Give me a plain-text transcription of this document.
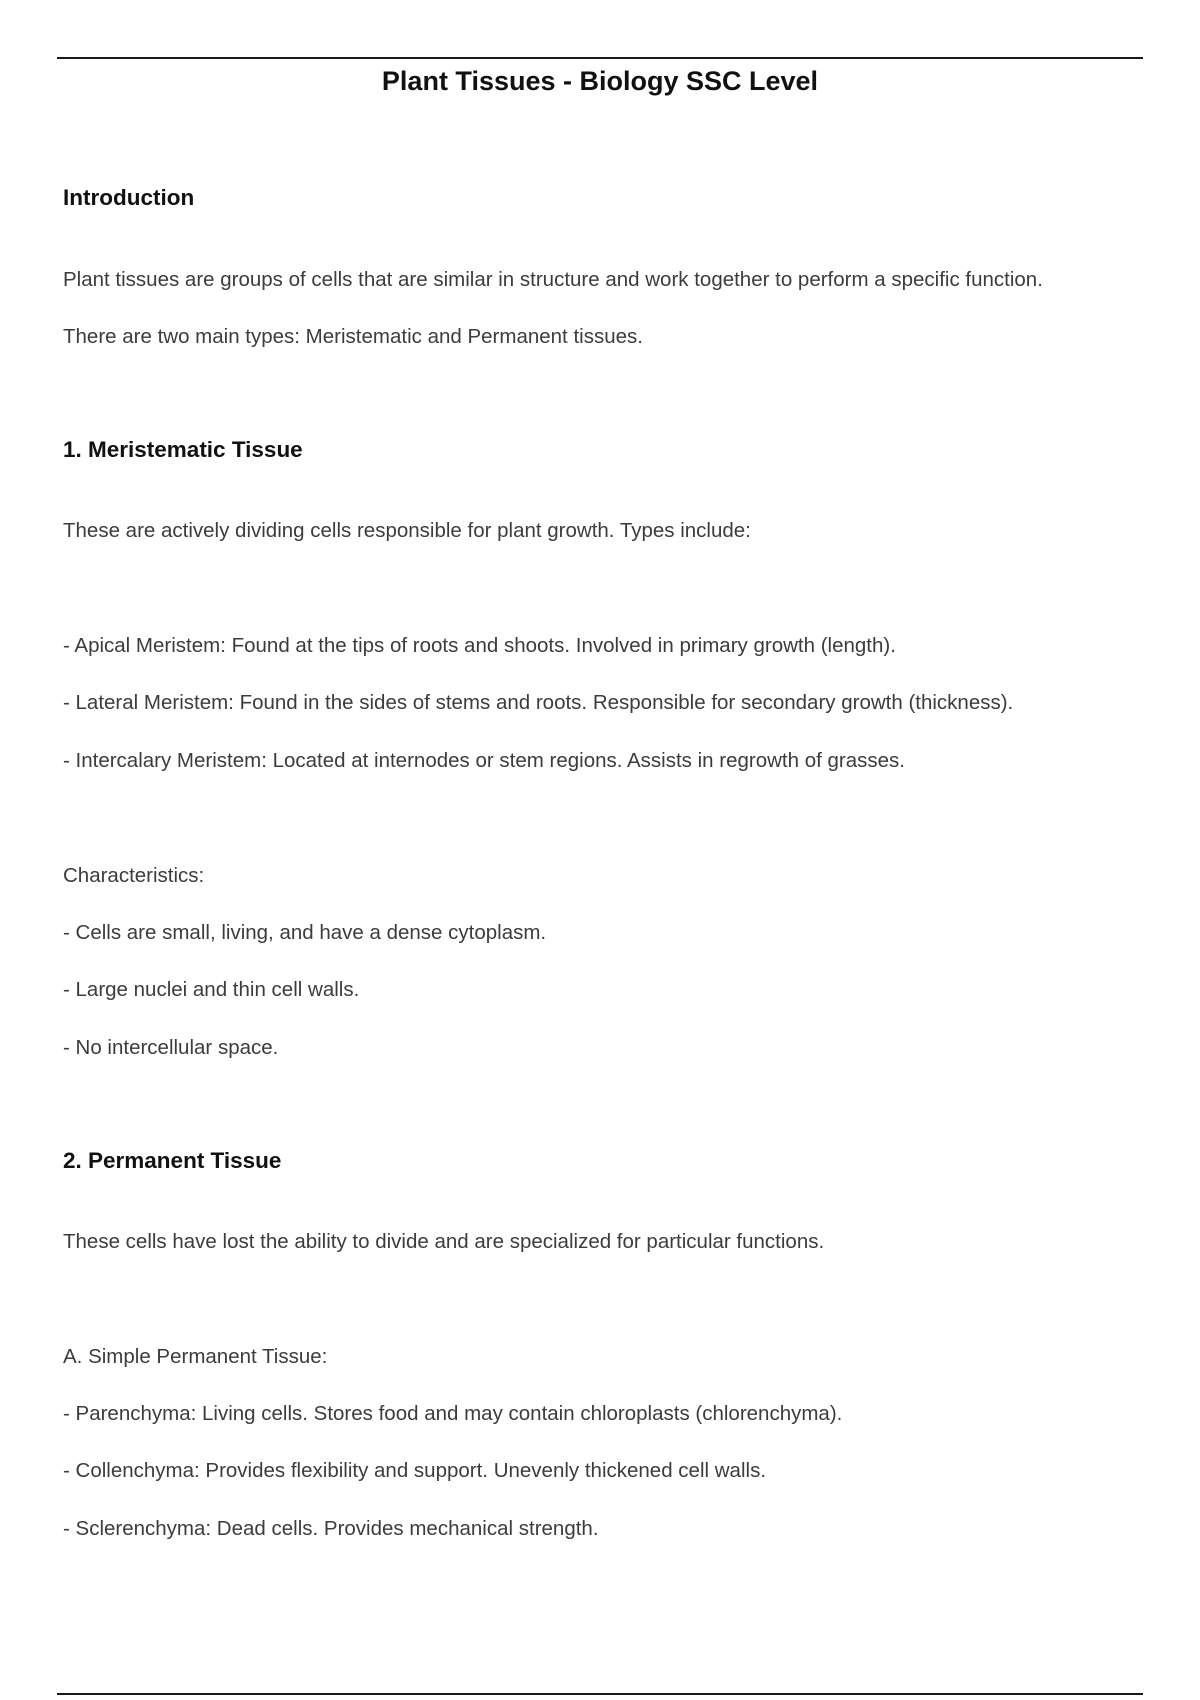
Plant Tissues - Biology SSC Level
Introduction

Plant tissues are groups of cells that are similar in structure and work together to perform a specific function.

There are two main types: Meristematic and Permanent tissues.

1. Meristematic Tissue

These are actively dividing cells responsible for plant growth. Types include:

- Apical Meristem: Found at the tips of roots and shoots. Involved in primary growth (length).

- Lateral Meristem: Found in the sides of stems and roots. Responsible for secondary growth (thickness).

- Intercalary Meristem: Located at internodes or stem regions. Assists in regrowth of grasses.

Characteristics:

- Cells are small, living, and have a dense cytoplasm.

- Large nuclei and thin cell walls.

- No intercellular space.

2. Permanent Tissue

These cells have lost the ability to divide and are specialized for particular functions.

A. Simple Permanent Tissue:

- Parenchyma: Living cells. Stores food and may contain chloroplasts (chlorenchyma).

- Collenchyma: Provides flexibility and support. Unevenly thickened cell walls.

- Sclerenchyma: Dead cells. Provides mechanical strength.
